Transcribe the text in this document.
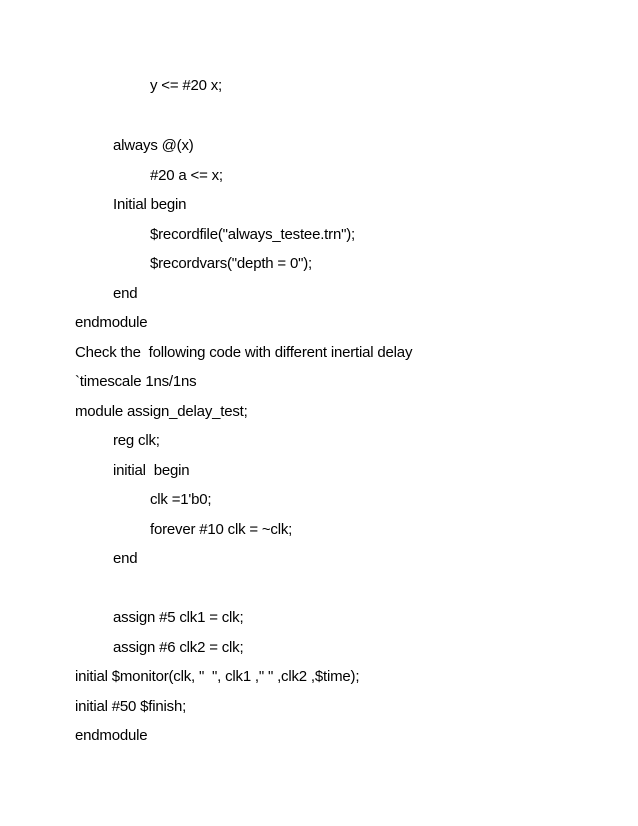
y <= #20 x;
always @(x)
#20 a <= x;
Initial begin
$recordfile("always_testee.trn");
$recordvars("depth = 0");
end
endmodule
Check the  following code with different inertial delay
`timescale 1ns/1ns
module assign_delay_test;
reg clk;
initial  begin
clk =1'b0;
forever #10 clk = ~clk;
end
assign #5 clk1 = clk;
assign #6 clk2 = clk;
initial $monitor(clk, "  ", clk1 ," " ,clk2 ,$time);
initial #50 $finish;
endmodule
